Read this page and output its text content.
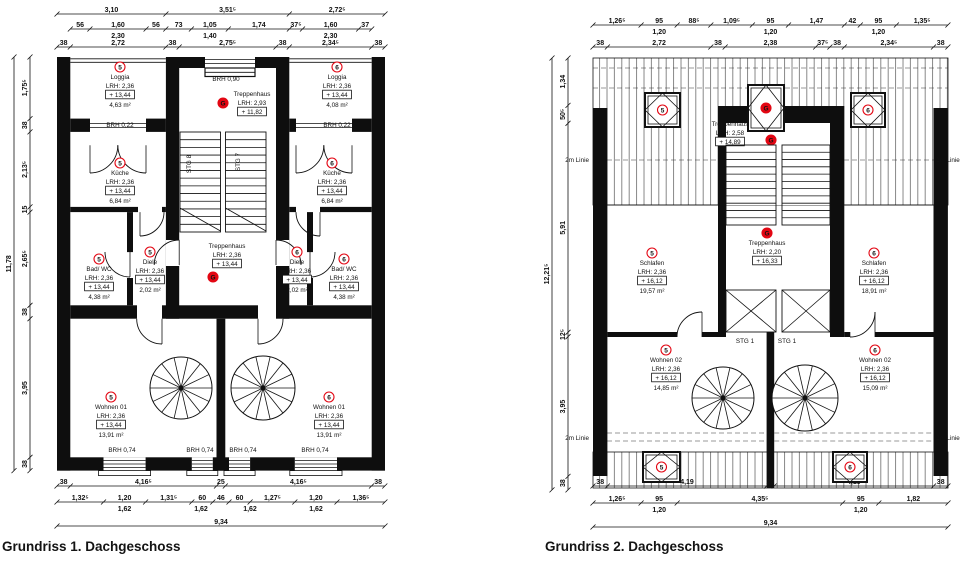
3,10	3,51⁵	2,72⁵
56	1,60	56 73	1,05	1,74	37⁵	1,60	37
38	2,72	38	2,75⁵	38	2,34⁵	38
38	4,16⁵	25	4,16⁵	38
1,32⁵	1,20	1,31⁵	60 46 60	1,27⁵	1,20	1,36⁵
9,34
1,75⁵
38
2,13⁵
15
2,65⁵
38
3,95
38
11,78
2,30	1,40	2,30
1,62	1,62	1,62	1,62
BRH 0,90
BRH 0,22	BRH 0,22
BRH 0,74	BRH 0,74 BRH 0,74	BRH 0,74
STG 8	STG 7
5
Loggia
LRH: 2,36
+ 13,44
4,63 m²
6
Loggia
LRH: 2,36
+ 13,44
4,08 m²
Treppenhaus
LRH: 2,93
+ 11,82
G
5
Küche
LRH: 2,36
+ 13,44
6,84 m²
6
Küche
LRH: 2,36
+ 13,44
6,84 m²
5
Bad/ WC
LRH: 2,36
+ 13,44
4,38 m²
5
Diele
LRH: 2,36
+ 13,44
2,02 m²
Treppenhaus
LRH: 2,36
+ 13,44
G
6
Diele
LRH: 2,36
+ 13,44
2,02 m²
6
Bad/ WC
LRH: 2,36
+ 13,44
4,38 m²
5
Wohnen 01
LRH: 2,36
+ 13,44
13,91 m²
6
Wohnen 01
LRH: 2,36
+ 13,44
13,91 m²
1,26⁵	95	88⁵	1,09⁵	95	1,47	42	95	1,35⁵
38	2,72	38	2,38	37⁵ 38	2,34⁵	38
38	4,19	20	38
1,26⁵	95	4,35⁵	95	1,82
9,34
1,34
50⁵
5,91
12⁵
3,95
38
12,21⁵
1,20	1,20	1,20
1,20	1,20
STG 1	STG 1
2m Linie	2m Linie
2m Linie	2m Linie
Treppenhaus
LRH: 2,58
+ 14,89	G
5
Schlafen
LRH: 2,36
+ 16,12
19,57 m²
G
Treppenhaus
LRH: 2,20
+ 16,33
6
Schlafen
LRH: 2,36
+ 16,12
18,91 m²
5
Wohnen 02
LRH: 2,36
+ 16,12
14,85 m²
6
Wohnen 02
LRH: 2,36
+ 16,12
15,09 m²
5	G	6
5	6
Grundriss 1. Dachgeschoss	Grundriss 2. Dachgeschoss
